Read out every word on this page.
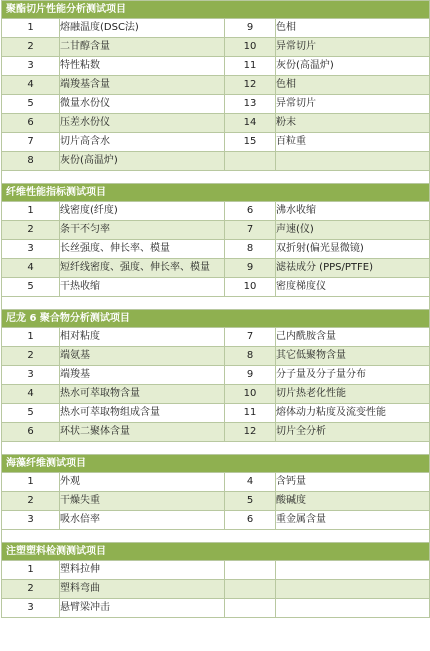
聚酯切片性能分析测试项目			
1	熔融温度(DSC法)	9	色相
2	二甘醇含量	10	异常切片
3	特性粘数	11	灰份(高温炉)
4	端羧基含量	12	色相
5	微量水份仪	13	异常切片
6	压差水份仪	14	粉末
7	切片高含水	15	百粒重
8	灰份(高温炉)		

纤维性能指标测试项目			
1	线密度(纤度)	6	沸水收缩
2	条干不匀率	7	声速(仪)
3	长丝强度、伸长率、模量	8	双折射(偏光显微镜)
4	短纤线密度、强度、伸长率、模量	9	滤祛成分 (PPS/PTFE)
5	干热收缩	10	密度梯度仪

尼龙 6 聚合物分析测试项目			
1	相对粘度	7	己内酰胺含量
2	端氨基	8	其它低聚物含量
3	端羧基	9	分子量及分子量分布
4	热水可萃取物含量	10	切片热老化性能
5	热水可萃取物组成含量	11	熔体动力粘度及流变性能
6	环状二聚体含量	12	切片全分析

海藻纤维测试项目			
1	外观	4	含钙量
2	干燥失重	5	酸碱度
3	吸水倍率	6	重金属含量

注塑塑料检测测试项目			
1	塑料拉伸		
2	塑料弯曲		
3	悬臂梁冲击		
